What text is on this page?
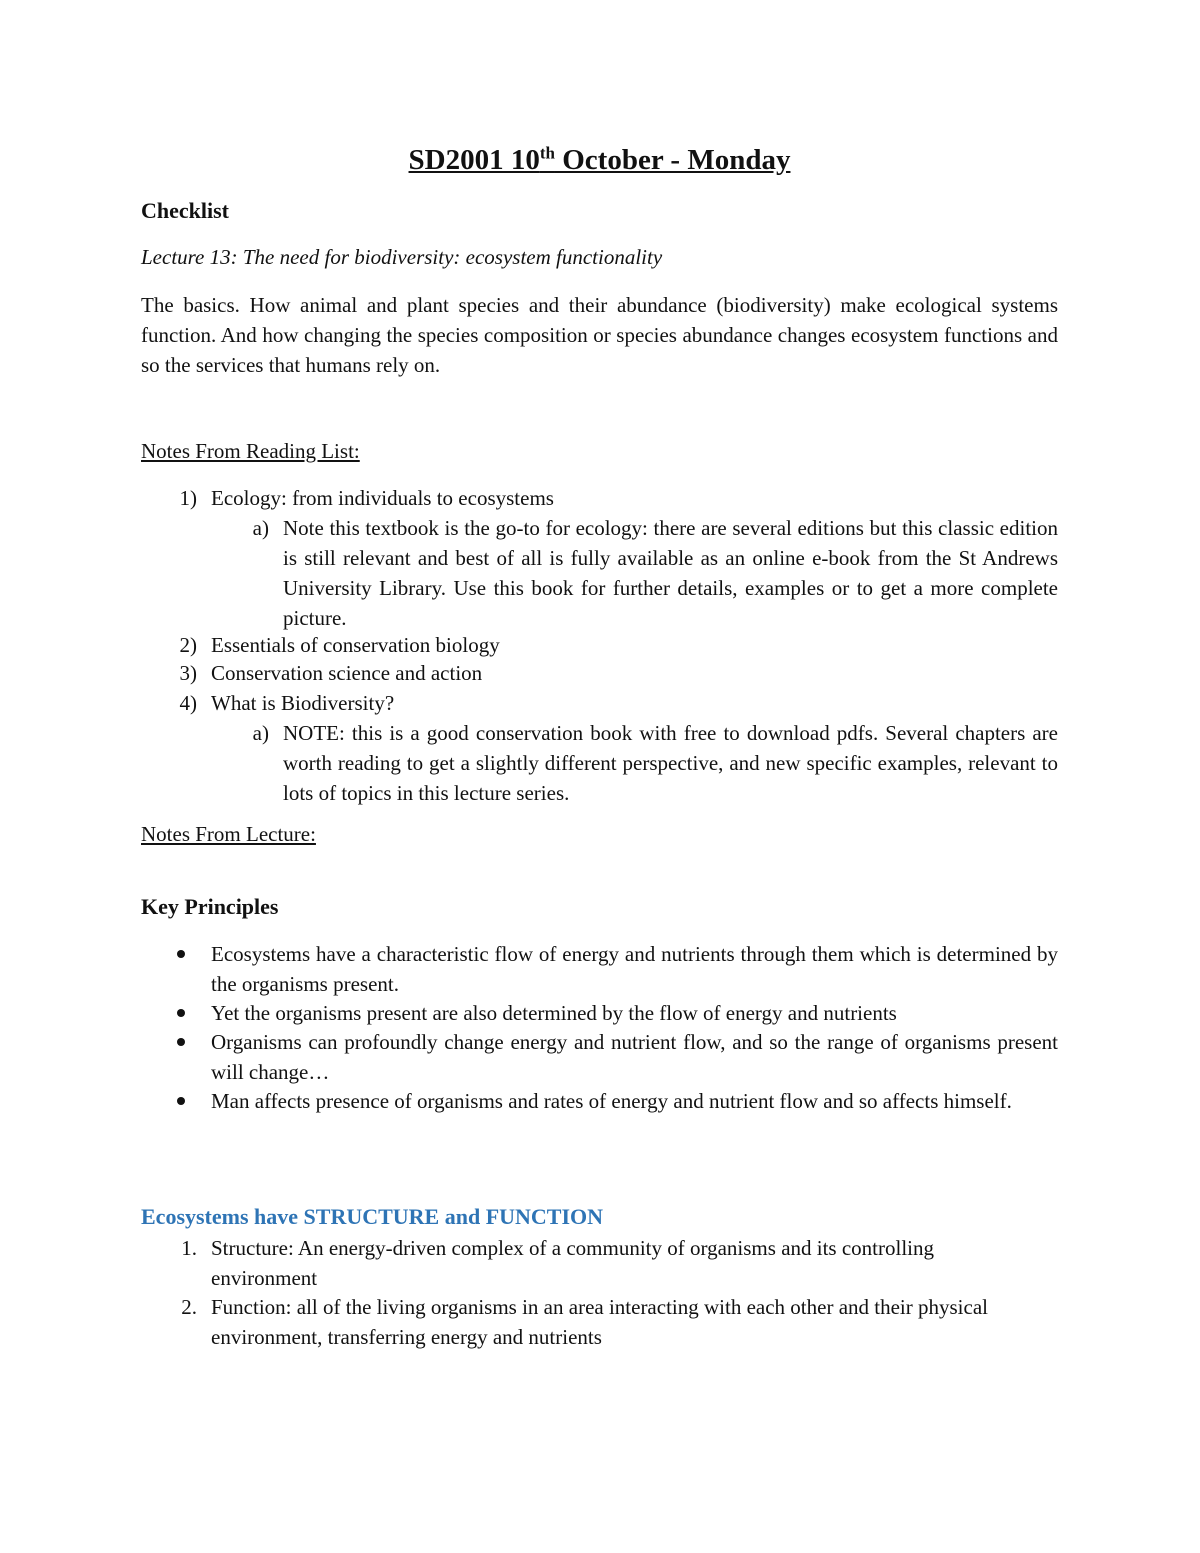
SD2001 10th October - Monday
Checklist
Lecture 13: The need for biodiversity: ecosystem functionality
The basics. How animal and plant species and their abundance (biodiversity) make ecological systems function. And how changing the species composition or species abundance changes ecosystem functions and so the services that humans rely on.
Notes From Reading List:
1) Ecology: from individuals to ecosystems
a) Note this textbook is the go-to for ecology: there are several editions but this classic edition is still relevant and best of all is fully available as an online e-book from the St Andrews University Library. Use this book for further details, examples or to get a more complete picture.
2) Essentials of conservation biology
3) Conservation science and action
4) What is Biodiversity?
a) NOTE: this is a good conservation book with free to download pdfs. Several chapters are worth reading to get a slightly different perspective, and new specific examples, relevant to lots of topics in this lecture series.
Notes From Lecture:
Key Principles
Ecosystems have a characteristic flow of energy and nutrients through them which is determined by the organisms present.
Yet the organisms present are also determined by the flow of energy and nutrients
Organisms can profoundly change energy and nutrient flow, and so the range of organisms present will change…
Man affects presence of organisms and rates of energy and nutrient flow and so affects himself.
Ecosystems have STRUCTURE and FUNCTION
1. Structure: An energy-driven complex of a community of organisms and its controlling environment
2. Function: all of the living organisms in an area interacting with each other and their physical environment, transferring energy and nutrients
